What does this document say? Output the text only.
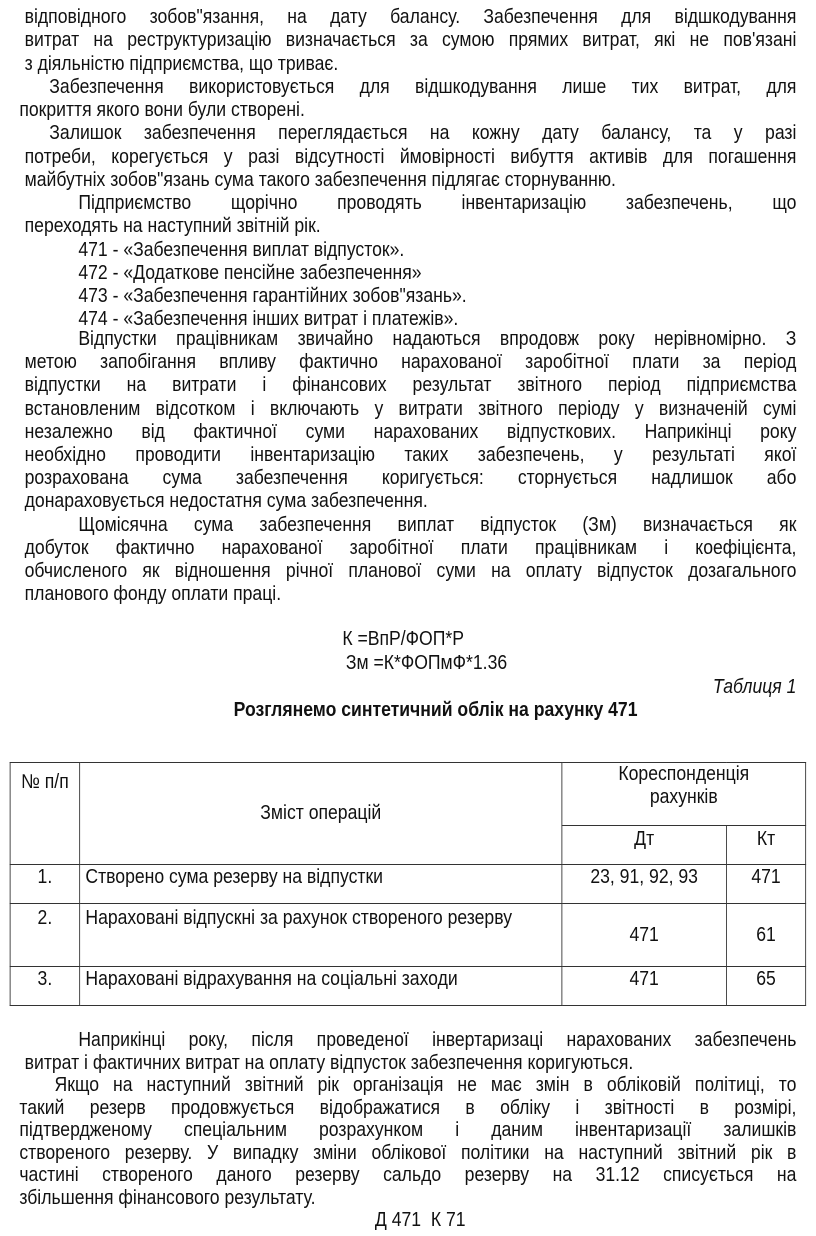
відповідного зобов"язання, на дату балансу. Забезпечення для відшкодування
витрат на реструктуризацію визначається за сумою прямих витрат, які не пов'язані
з діяльністю підприємства, що триває.
Забезпечення використовується для відшкодування лише тих витрат, для
покриття якого вони були створені.
Залишок забезпечення переглядається на кожну дату балансу, та у разі
потреби, корегується у разі відсутності ймовірності вибуття активів для погашення
майбутніх зобов"язань сума такого забезпечення підлягає сторнуванню.
Підприємство щорічно проводять інвентаризацію забезпечень, що
переходять на наступний звітній рік.
471 - «Забезпечення виплат відпусток».
472 - «Додаткове пенсійне забезпечення»
473 - «Забезпечення гарантійних зобов"язань».
474 - «Забезпечення інших витрат і платежів».
Відпустки працівникам звичайно надаються впродовж року нерівномірно. З
метою запобігання впливу фактично нарахованої заробітної плати за період
відпустки на витрати і фінансових результат звітного період підприємства
встановленим відсотком і включають у витрати звітного періоду у визначеній сумі
незалежно від фактичної суми нарахованих відпусткових. Наприкінці року
необхідно проводити інвентаризацію таких забезпечень, у результаті якої
розрахована сума забезпечення коригується: сторнується надлишок або
донараховується недостатня сума забезпечення.
Щомісячна сума забезпечення виплат відпусток (Зм) визначається як
добуток фактично нарахованої заробітної плати працівникам і коефіцієнта,
обчисленого як відношення річної планової суми на оплату відпусток дозагального
планового фонду оплати праці.
К =ВпР/ФОП*Р
Зм =К*ФОПмФ*1.36
Таблиця 1
Розглянемо синтетичний облік на рахунку 471
№ п/п	Зміст операцій	Кореспонденція рахунків	
		Дт	Кт
1.	Створено сума резерву на відпустки	23, 91, 92, 93	471
2.	Нараховані відпускні за рахунок створеного резерву	471	61
3.	Нараховані відрахування на соціальні заходи	471	65
Наприкінці року, після проведеної інвертаризаці нарахованих забезпечень
витрат і фактичних витрат на оплату відпусток забезпечення коригуються.
Якщо на наступний звітний рік організація не має змін в обліковій політиці, то
такий резерв продовжується відображатися в обліку і звітності в розмірі,
підтвердженому спеціальним розрахунком і даним інвентаризації залишків
створеного резерву. У випадку зміни облікової політики на наступний звітний рік в
частині створеного даного резерву сальдо резерву на 31.12 списується на
збільшення фінансового результату.
Д 471  К 71
